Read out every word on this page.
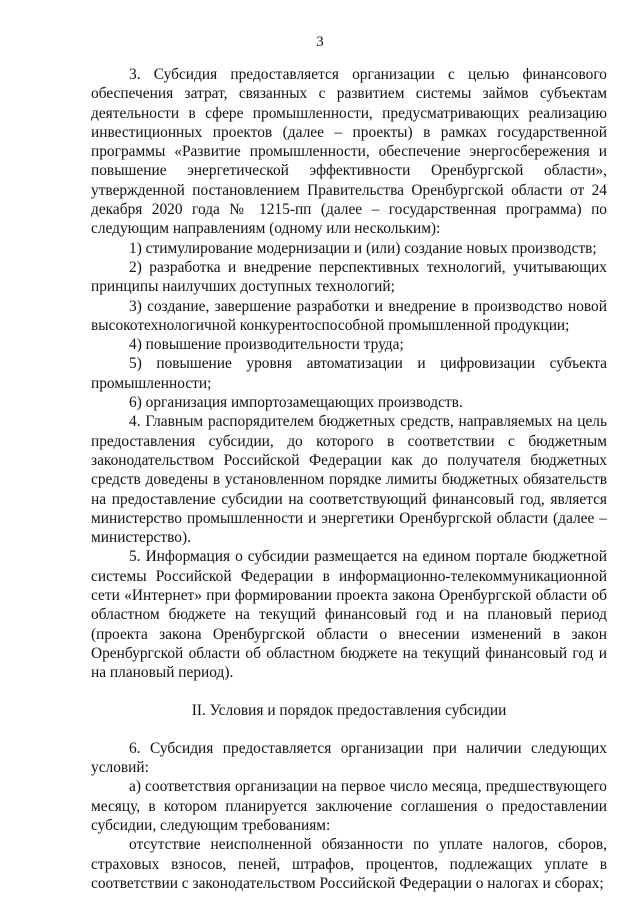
3

3. Субсидия предоставляется организации с целью финансового обеспечения затрат, связанных с развитием системы займов субъектам деятельности в сфере промышленности, предусматривающих реализацию инвестиционных проектов (далее – проекты) в рамках государственной программы «Развитие промышленности, обеспечение энергосбережения и повышение энергетической эффективности Оренбургской области», утвержденной постановлением Правительства Оренбургской области от 24 декабря 2020 года № 1215-пп (далее – государственная программа) по следующим направлениям (одному или нескольким):

1) стимулирование модернизации и (или) создание новых производств;

2) разработка и внедрение перспективных технологий, учитывающих принципы наилучших доступных технологий;

3) создание, завершение разработки и внедрение в производство новой высокотехнологичной конкурентоспособной промышленной продукции;

4) повышение производительности труда;

5) повышение уровня автоматизации и цифровизации субъекта промышленности;

6) организация импортозамещающих производств.

4. Главным распорядителем бюджетных средств, направляемых на цель предоставления субсидии, до которого в соответствии с бюджетным законодательством Российской Федерации как до получателя бюджетных средств доведены в установленном порядке лимиты бюджетных обязательств на предоставление субсидии на соответствующий финансовый год, является министерство промышленности и энергетики Оренбургской области (далее – министерство).

5. Информация о субсидии размещается на едином портале бюджетной системы Российской Федерации в информационно-телекоммуникационной сети «Интернет» при формировании проекта закона Оренбургской области об областном бюджете на текущий финансовый год и на плановый период (проекта закона Оренбургской области о внесении изменений в закон Оренбургской области об областном бюджете на текущий финансовый год и на плановый период).

II. Условия и порядок предоставления субсидии

6. Субсидия предоставляется организации при наличии следующих условий:

а) соответствия организации на первое число месяца, предшествующего месяцу, в котором планируется заключение соглашения о предоставлении субсидии, следующим требованиям:

отсутствие неисполненной обязанности по уплате налогов, сборов, страховых взносов, пеней, штрафов, процентов, подлежащих уплате в соответствии с законодательством Российской Федерации о налогах и сборах;
